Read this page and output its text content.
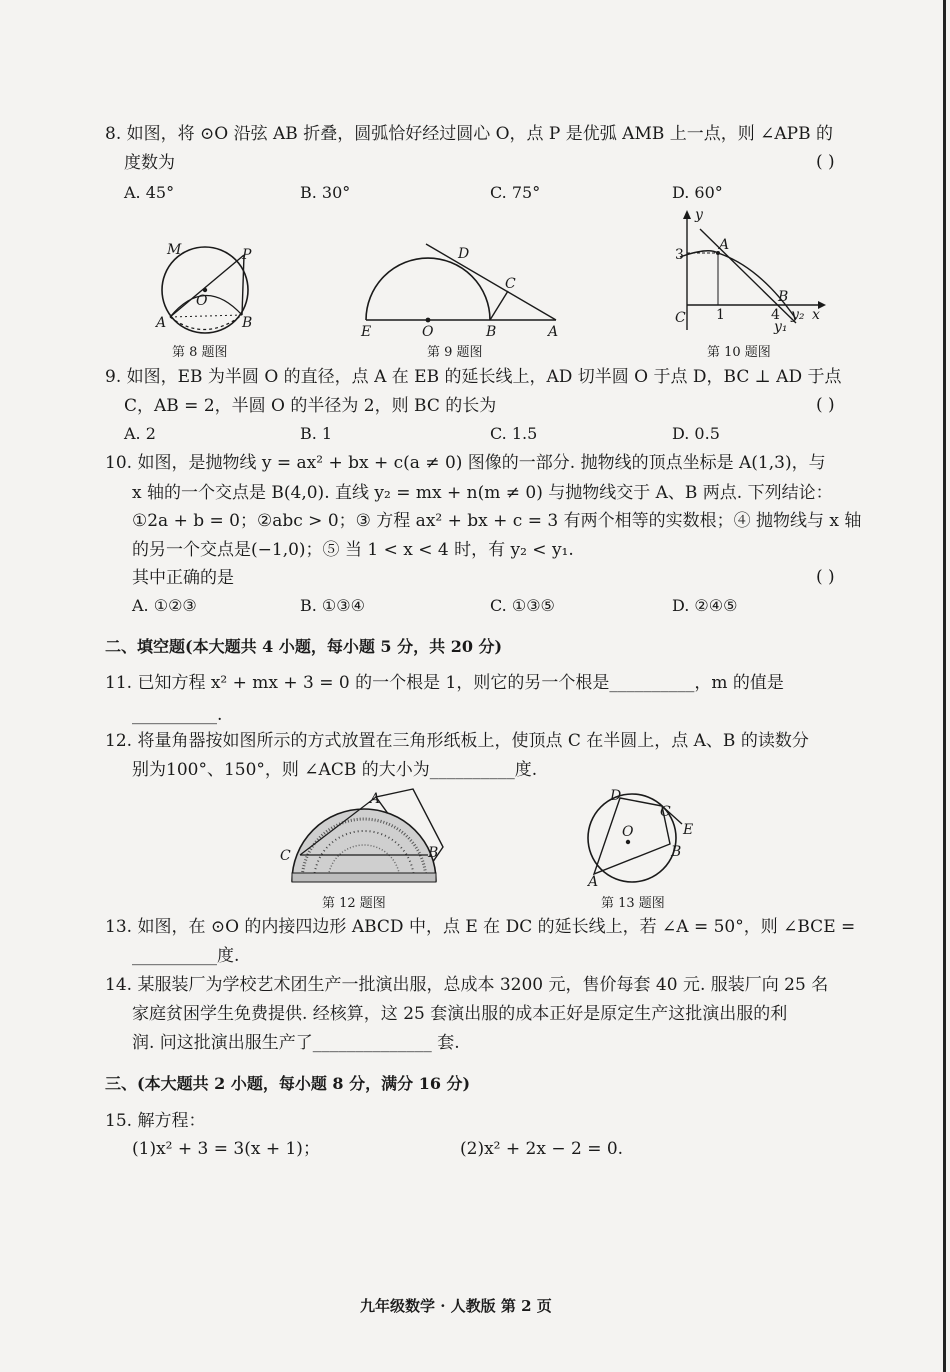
8. 如图，将 ⊙O 沿弦 AB 折叠，圆弧恰好经过圆心 O，点 P 是优弧 AMB 上一点，则 ∠APB 的
度数为	( )
A. 45°	B. 30°	C. 75°	D. 60°
M	P
O
A	B
第 8 题图
D
C
E	O	B	A
第 9 题图
y
3
A
B
C 1	4 y₂ x
y₁
第 10 题图
9. 如图，EB 为半圆 O 的直径，点 A 在 EB 的延长线上，AD 切半圆 O 于点 D，BC ⊥ AD 于点
C，AB = 2，半圆 O 的半径为 2，则 BC 的长为	( )
A. 2	B. 1	C. 1.5	D. 0.5
10. 如图，是抛物线 y = ax² + bx + c(a ≠ 0) 图像的一部分. 抛物线的顶点坐标是 A(1,3)，与
x 轴的一个交点是 B(4,0). 直线 y₂ = mx + n(m ≠ 0) 与抛物线交于 A、B 两点. 下列结论：
①2a + b = 0；②abc > 0；③ 方程 ax² + bx + c = 3 有两个相等的实数根；④ 抛物线与 x 轴
的另一个交点是(−1,0)；⑤ 当 1 < x < 4 时，有 y₂ < y₁.
其中正确的是	( )
A. ①②③	B. ①③④	C. ①③⑤	D. ②④⑤
二、填空题(本大题共 4 小题，每小题 5 分，共 20 分)
11. 已知方程 x² + mx + 3 = 0 的一个根是 1，则它的另一个根是__________，m 的值是
__________.
12. 将量角器按如图所示的方式放置在三角形纸板上，使顶点 C 在半圆上，点 A、B 的读数分
别为100°、150°，则 ∠ACB 的大小为__________度.
A
C	B
第 12 题图
D
C
E
O
B
A
第 13 题图
13. 如图，在 ⊙O 的内接四边形 ABCD 中，点 E 在 DC 的延长线上，若 ∠A = 50°，则 ∠BCE =
__________度.
14. 某服装厂为学校艺术团生产一批演出服，总成本 3200 元，售价每套 40 元. 服装厂向 25 名
家庭贫困学生免费提供. 经核算，这 25 套演出服的成本正好是原定生产这批演出服的利
润. 问这批演出服生产了______________ 套.
三、(本大题共 2 小题，每小题 8 分，满分 16 分)
15. 解方程：
(1)x² + 3 = 3(x + 1)；	(2)x² + 2x − 2 = 0.
九年级数学 · 人教版 第 2 页
